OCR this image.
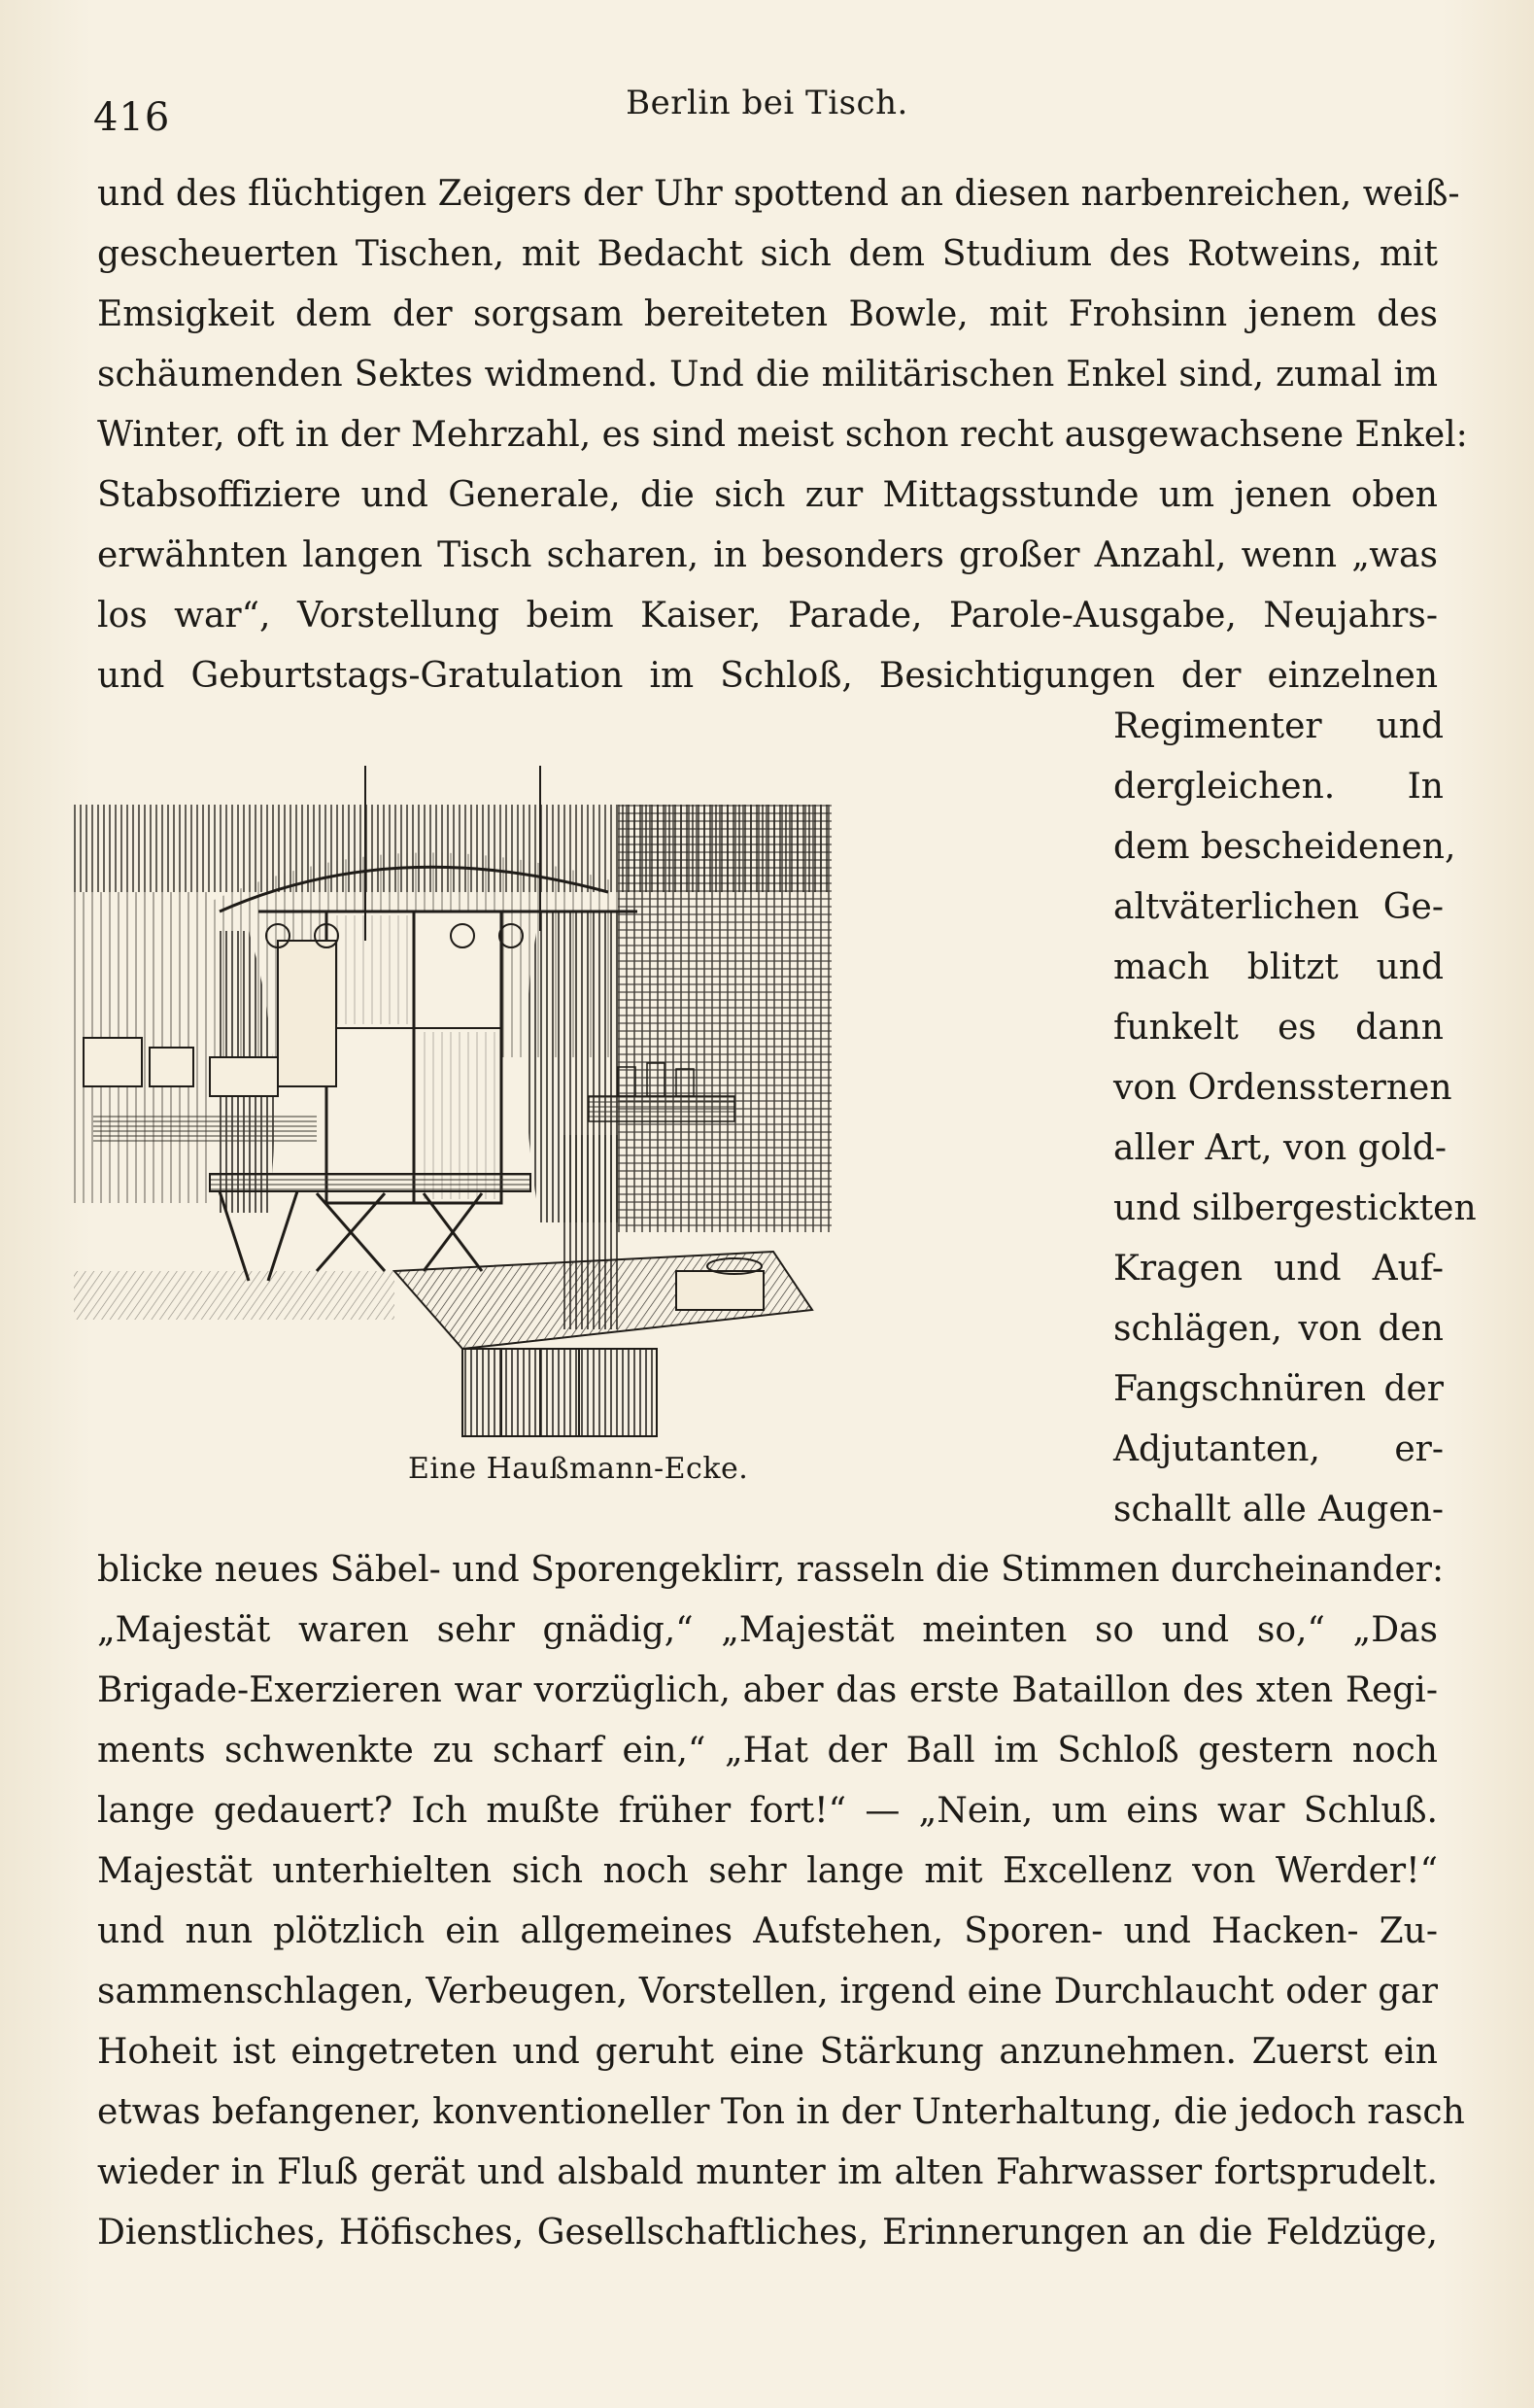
416	Berlin bei Tisch.
und des flüchtigen Zeigers der Uhr spottend an diesen narbenreichen, weiß-
gescheuerten Tischen, mit Bedacht sich dem Studium des Rotweins, mit
Emsigkeit dem der sorgsam bereiteten Bowle, mit Frohsinn jenem des
schäumenden Sektes widmend. Und die militärischen Enkel sind, zumal im
Winter, oft in der Mehrzahl, es sind meist schon recht ausgewachsene Enkel:
Stabsoffiziere und Generale, die sich zur Mittagsstunde um jenen oben
erwähnten langen Tisch scharen, in besonders großer Anzahl, wenn „was
los war“, Vorstellung beim Kaiser, Parade, Parole-Ausgabe, Neujahrs-
und Geburtstags-Gratulation im Schloß, Besichtigungen der einzelnen
Regimenter und
dergleichen. In
dem bescheidenen,
altväterlichen Ge-
mach blitzt und
funkelt es dann
von Ordenssternen
aller Art, von gold-
und silbergestickten
Kragen und Auf-
schlägen, von den
Fangschnüren der
Adjutanten, er-
schallt alle Augen-
Eine Haußmann-Ecke.
blicke neues Säbel- und Sporengeklirr, rasseln die Stimmen durcheinander:
„Majestät waren sehr gnädig,“ „Majestät meinten so und so,“ „Das
Brigade-Exerzieren war vorzüglich, aber das erste Bataillon des xten Regi-
ments schwenkte zu scharf ein,“ „Hat der Ball im Schloß gestern noch
lange gedauert? Ich mußte früher fort!“ — „Nein, um eins war Schluß.
Majestät unterhielten sich noch sehr lange mit Excellenz von Werder!“
und nun plötzlich ein allgemeines Aufstehen, Sporen- und Hacken- Zu-
sammenschlagen, Verbeugen, Vorstellen, irgend eine Durchlaucht oder gar
Hoheit ist eingetreten und geruht eine Stärkung anzunehmen. Zuerst ein
etwas befangener, konventioneller Ton in der Unterhaltung, die jedoch rasch
wieder in Fluß gerät und alsbald munter im alten Fahrwasser fortsprudelt.
Dienstliches, Höfisches, Gesellschaftliches, Erinnerungen an die Feldzüge,
